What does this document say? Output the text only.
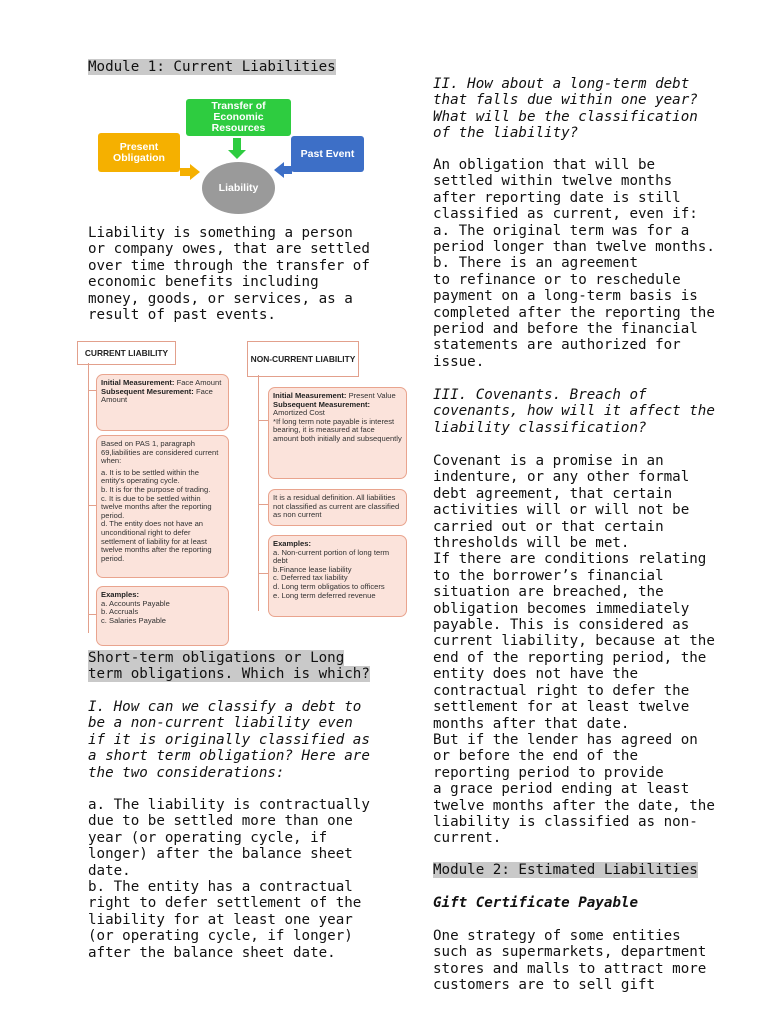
Module 1: Current Liabilities
Transfer of Economic Resources
Present Obligation	Past Event
Liability
Liability is something a person
or company owes, that are settled
over time through the transfer of
economic benefits including
money, goods, or services, as a
result of past events.
CURRENT LIABILITY
NON-CURRENT LIABILITY

Initial Measurement: Face Amount

Subsequent Mesurement: Face Amount

Based on PAS 1, paragraph 69,liabilities are considered current when:

a. It is to be settled within the entity's operating cycle.

b. It is for the purpose of trading.

c. It is due to be settled within twelve months after the reporting period.

d. The entity does not have an unconditional right to defer settlement of liability for at least twelve months after the reporting period.

Examples:

a. Accounts Payable

b. Accruals

c. Salaries Payable

Initial Measurement: Present Value

Subsequent Measurement: Amortized Cost

*If long term note payable is interest bearing, it is measured at face amount both initially and subsequently

It is a residual definition. All liabilities not classified as current are classified as non current

Examples:

a. Non-current portion of long term debt

b.Finance lease liability

c. Deferred tax liability

d. Long term obligatios to officers

e. Long term deferred revenue

Short-term obligations or Long
term obligations. Which is which?
I. How can we classify a debt to
be a non-current liability even
if it is originally classified as
a short term obligation? Here are
the two considerations:
a. The liability is contractually
due to be settled more than one
year (or operating cycle, if
longer) after the balance sheet
date.
b. The entity has a contractual
right to defer settlement of the
liability for at least one year
(or operating cycle, if longer)
after the balance sheet date.
II. How about a long-term debt
that falls due within one year?
What will be the classification
of the liability?
An obligation that will be
settled within twelve months
after reporting date is still
classified as current, even if:
a. The original term was for a
period longer than twelve months.
b. There is an agreement
to refinance or to reschedule
payment on a long-term basis is
completed after the reporting the
period and before the financial
statements are authorized for
issue.
III. Covenants. Breach of
covenants, how will it affect the
liability classification?
Covenant is a promise in an
indenture, or any other formal
debt agreement, that certain
activities will or will not be
carried out or that certain
thresholds will be met.
If there are conditions relating
to the borrower’s financial
situation are breached, the
obligation becomes immediately
payable. This is considered as
current liability, because at the
end of the reporting period, the
entity does not have the
contractual right to defer the
settlement for at least twelve
months after that date.
But if the lender has agreed on
or before the end of the
reporting period to provide
a grace period ending at least
twelve months after the date, the
liability is classified as non-
current.
Module 2: Estimated Liabilities
Gift Certificate Payable
One strategy of some entities
such as supermarkets, department
stores and malls to attract more
customers are to sell gift
